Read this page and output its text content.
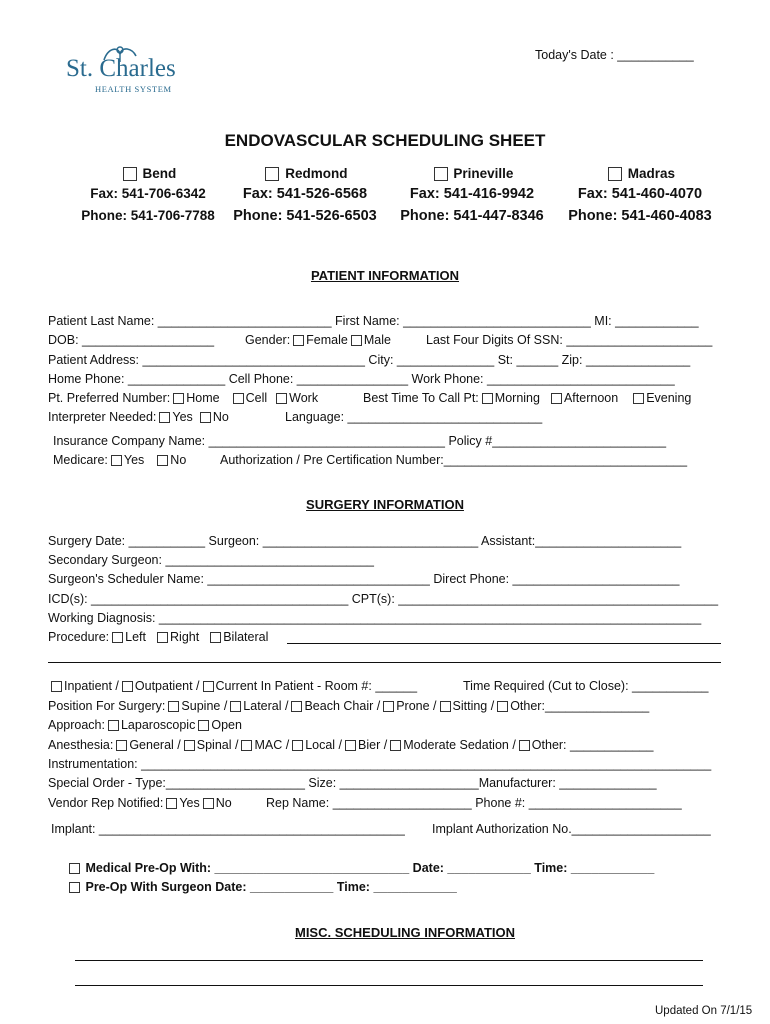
St. Charles
HEALTH SYSTEM
Today's Date : ___________
ENDOVASCULAR SCHEDULING SHEET
Bend
Fax: 541-706-6342
Phone: 541-706-7788
Redmond
Fax: 541-526-6568
Phone: 541-526-6503
Prineville
Fax: 541-416-9942
Phone: 541-447-8346
Madras
Fax: 541-460-4070
Phone: 541-460-4083
PATIENT INFORMATION
Patient Last Name: _________________________ First Name: ___________________________ MI: ____________
DOB: ___________________ Gender: Female Male	Last Four Digits Of SSN: _____________________
Patient Address: ________________________________ City: ______________ St: ______ Zip: _______________
Home Phone: ______________ Cell Phone: ________________ Work Phone: ___________________________
Pt. Preferred Number: Home Cell Work	Best Time To Call Pt: Morning Afternoon Evening
Interpreter Needed: Yes No	Language: ____________________________
Insurance Company Name: __________________________________ Policy #_________________________
Medicare: Yes No	Authorization / Pre Certification Number:___________________________________
SURGERY INFORMATION
Surgery Date: ___________ Surgeon: _______________________________ Assistant:_____________________
Secondary Surgeon: ______________________________
Surgeon's Scheduler Name: ________________________________ Direct Phone: ________________________
ICD(s): _____________________________________ CPT(s): ______________________________________________
Working Diagnosis: ______________________________________________________________________________
Procedure: Left Right Bilateral
Inpatient / Outpatient / Current In Patient - Room #: ______	Time Required (Cut to Close): ___________
Position For Surgery: Supine / Lateral / Beach Chair / Prone / Sitting / Other:_______________
Approach: Laparoscopic Open
Anesthesia: General / Spinal / MAC / Local / Bier / Moderate Sedation / Other: ____________
Instrumentation: __________________________________________________________________________________
Special Order - Type:____________________ Size: ____________________Manufacturer: ______________
Vendor Rep Notified: Yes No	Rep Name: ____________________ Phone #: ______________________
Implant: ____________________________________________ Implant Authorization No.____________________
Medical Pre-Op With: ____________________________ Date: ____________ Time: ____________
Pre-Op With Surgeon Date: ____________ Time: ____________
MISC. SCHEDULING INFORMATION
Updated On 7/1/15
